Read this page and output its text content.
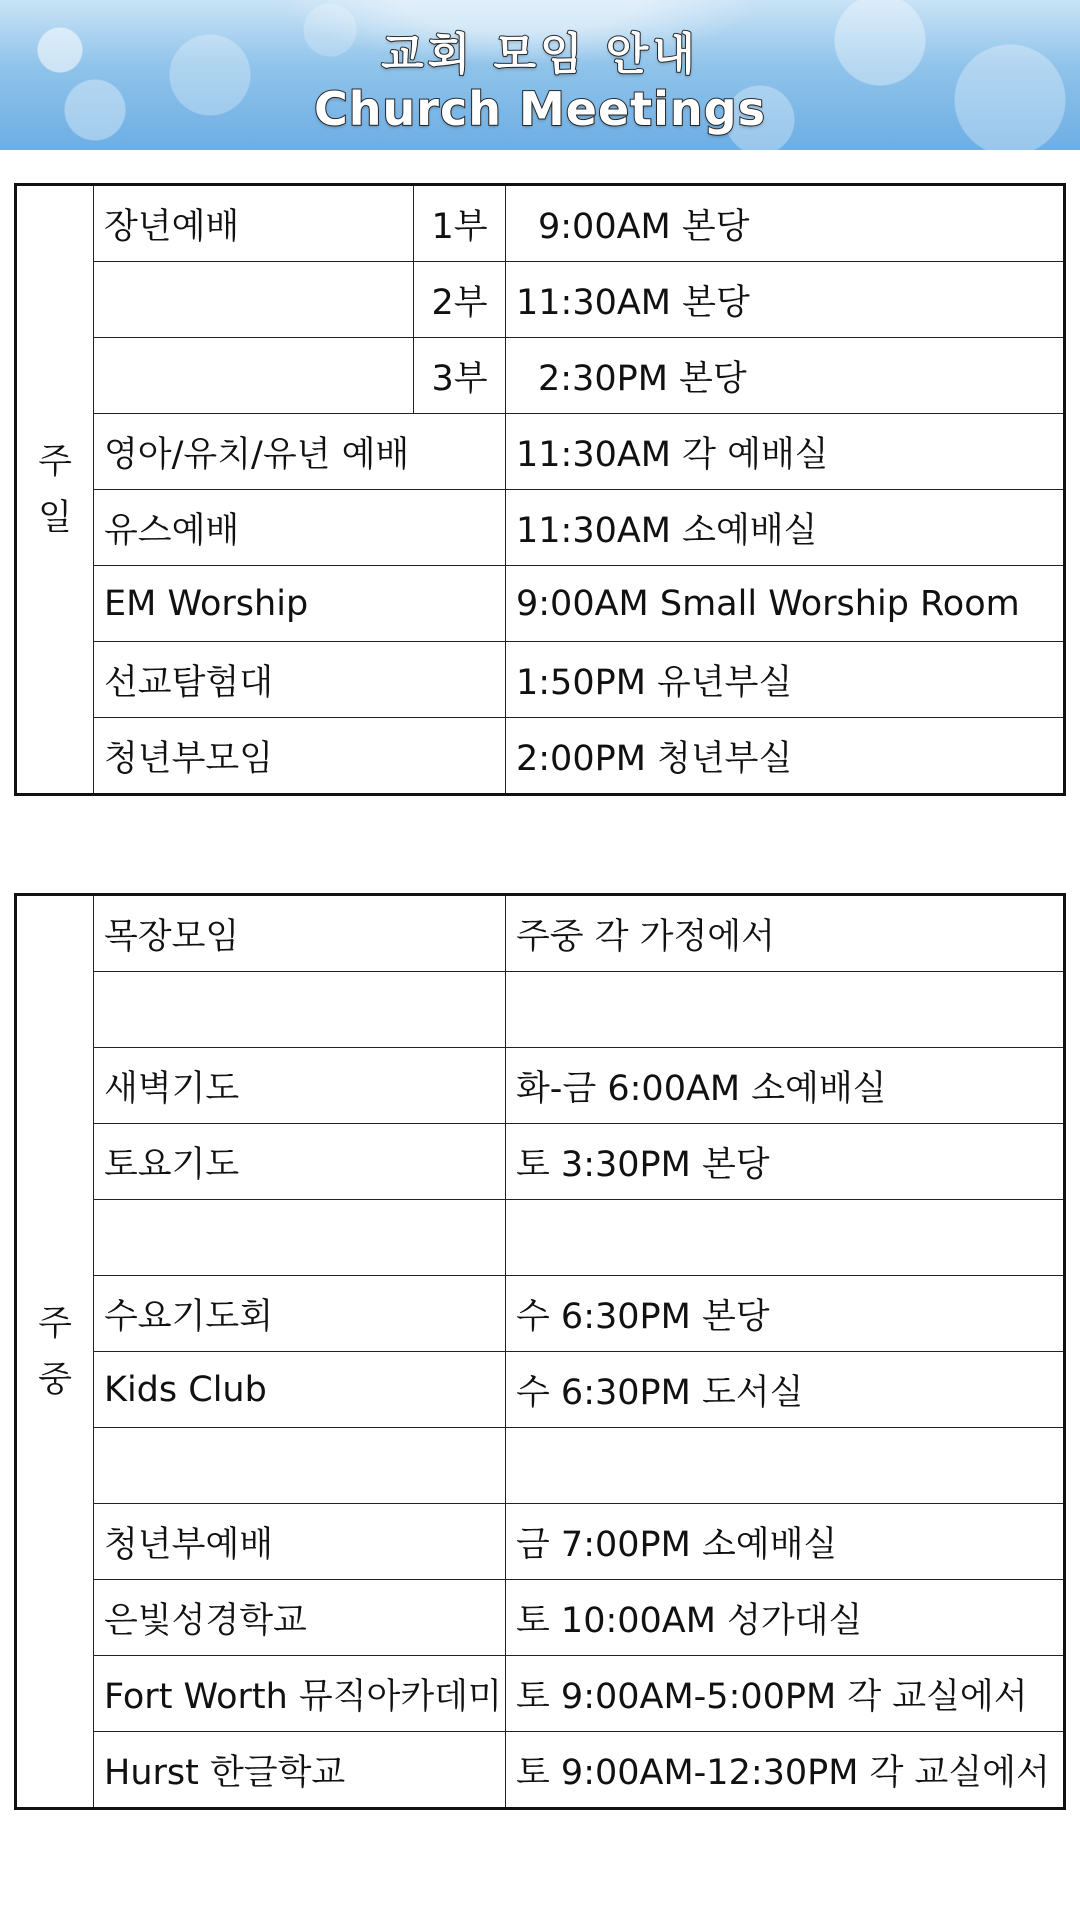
교회 모임 안내
Church Meetings
주
일	장년예배	1부	9:00AM 본당
		2부	11:30AM 본당
		3부	2:30PM 본당
	영아/유치/유년 예배		11:30AM 각 예배실
	유스예배		11:30AM 소예배실
	EM Worship		9:00AM Small Worship Room
	선교탐험대		1:50PM 유년부실
	청년부모임		2:00PM 청년부실
주
중	목장모임	주중 각 가정에서

	새벽기도	화-금 6:00AM 소예배실
	토요기도	토 3:30PM 본당

	수요기도회	수 6:30PM 본당
	Kids Club	수 6:30PM 도서실

	청년부예배	금 7:00PM 소예배실
	은빛성경학교	토 10:00AM 성가대실
	Fort Worth 뮤직아카데미	토 9:00AM-5:00PM 각 교실에서
	Hurst 한글학교	토 9:00AM-12:30PM 각 교실에서
